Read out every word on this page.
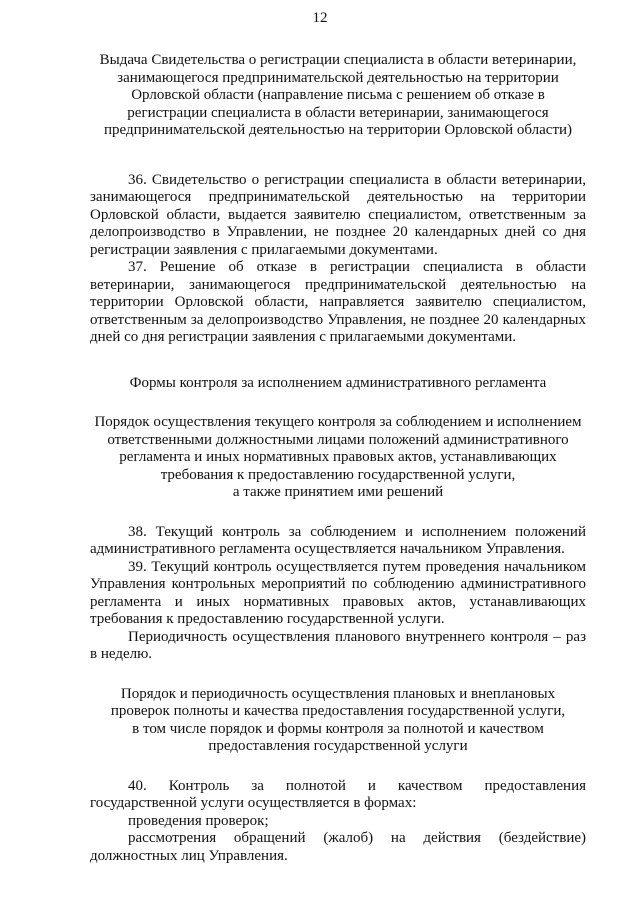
12

Выдача Свидетельства о регистрации специалиста в области ветеринарии, занимающегося предпринимательской деятельностью на территории Орловской области (направление письма с решением об отказе в регистрации специалиста в области ветеринарии, занимающегося предпринимательской деятельностью на территории Орловской области)

36. Свидетельство о регистрации специалиста в области ветеринарии, занимающегося предпринимательской деятельностью на территории Орловской области, выдается заявителю специалистом, ответственным за делопроизводство в Управлении, не позднее 20 календарных дней со дня регистрации заявления с прилагаемыми документами.

37. Решение об отказе в регистрации специалиста в области ветеринарии, занимающегося предпринимательской деятельностью на территории Орловской области, направляется заявителю специалистом, ответственным за делопроизводство Управления, не позднее 20 календарных дней со дня регистрации заявления с прилагаемыми документами.

Формы контроля за исполнением административного регламента

Порядок осуществления текущего контроля за соблюдением и исполнением
ответственными должностными лицами положений административного
регламента и иных нормативных правовых актов, устанавливающих
требования к предоставлению государственной услуги,
а также принятием ими решений

38. Текущий контроль за соблюдением и исполнением положений административного регламента осуществляется начальником Управления.

39. Текущий контроль осуществляется путем проведения начальником Управления контрольных мероприятий по соблюдению административного регламента и иных нормативных правовых актов, устанавливающих требования к предоставлению государственной услуги.

Периодичность осуществления планового внутреннего контроля – раз в неделю.

Порядок и периодичность осуществления плановых и внеплановых
проверок полноты и качества предоставления государственной услуги,
в том числе порядок и формы контроля за полнотой и качеством
предоставления государственной услуги

40. Контроль за полнотой и качеством предоставления государственной услуги осуществляется в формах:

проведения проверок;

рассмотрения обращений (жалоб) на действия (бездействие) должностных лиц Управления.
